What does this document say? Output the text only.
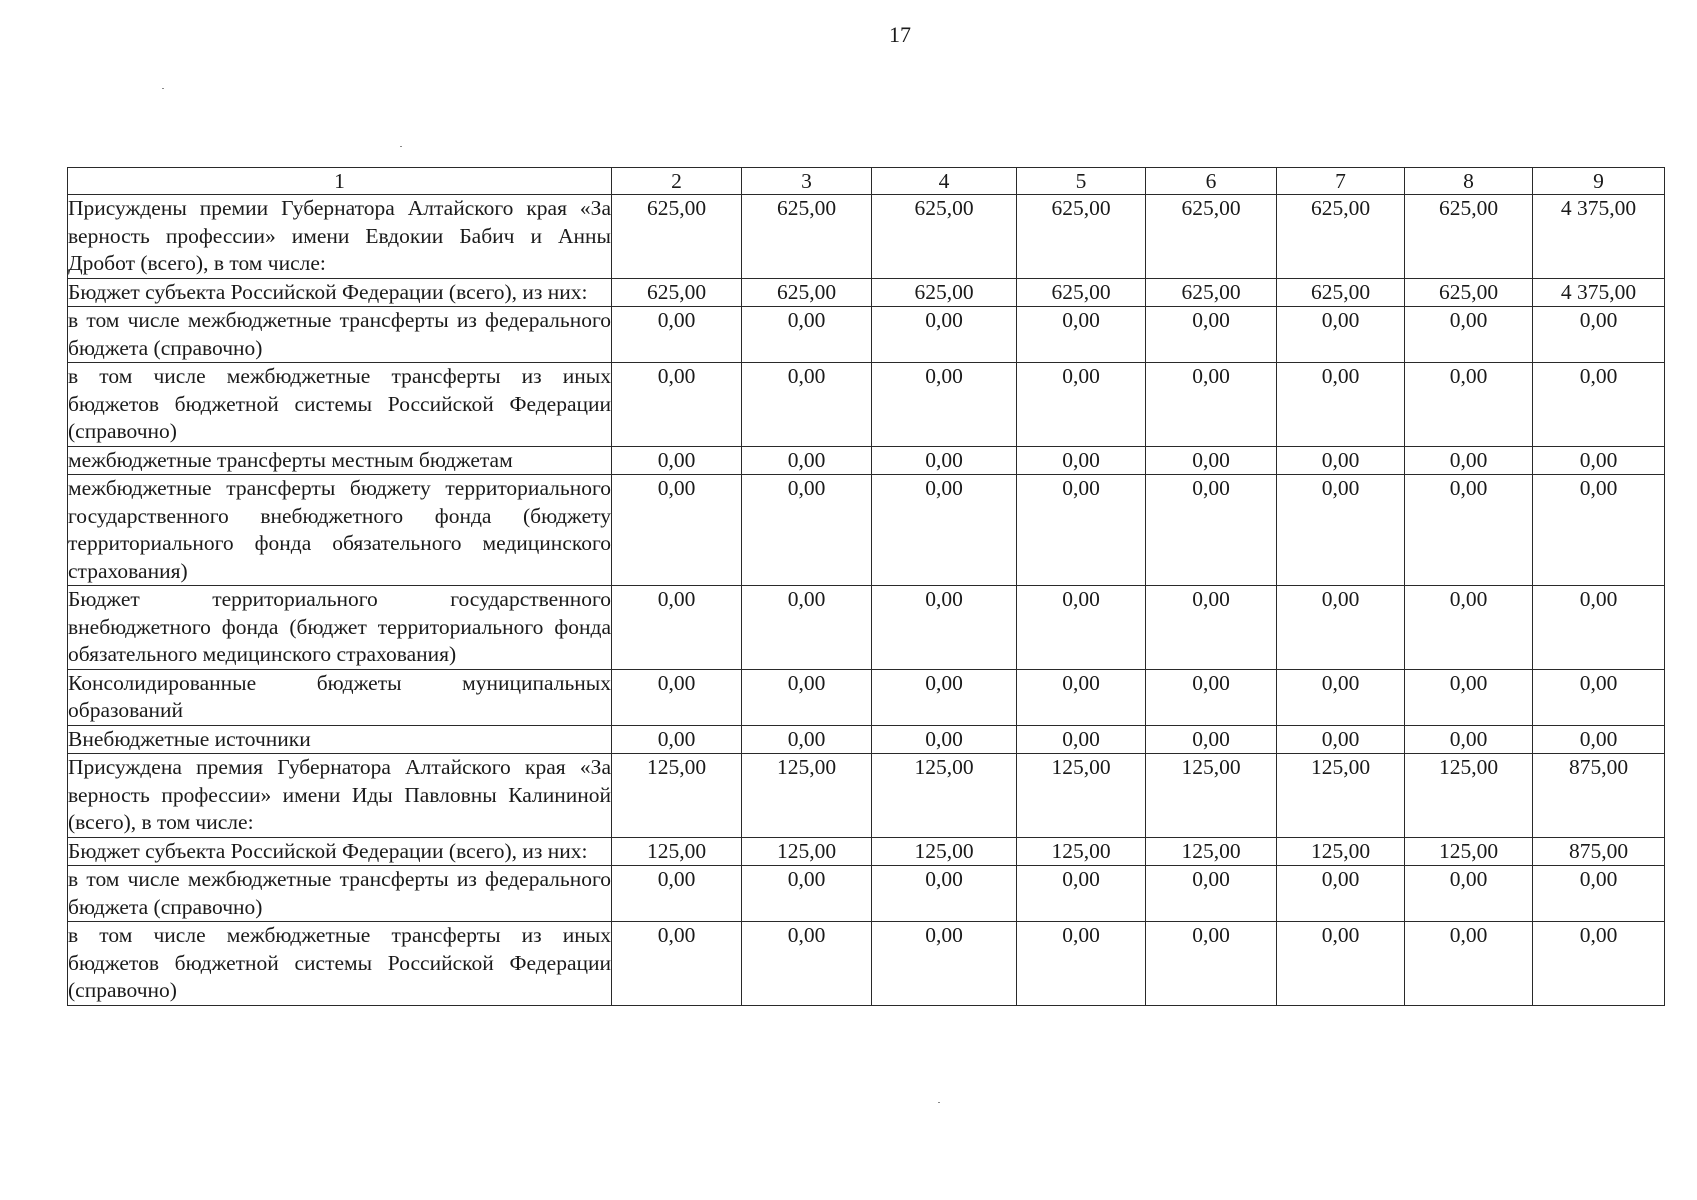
17
1	2	3	4	5	6	7	8	9
Присуждены премии Губернатора Алтайского края «За верность профессии» имени Евдокии Бабич и Анны Дробот (всего), в том числе:	625,00	625,00	625,00	625,00	625,00	625,00	625,00	4 375,00
Бюджет субъекта Российской Федерации (всего), из них:	625,00	625,00	625,00	625,00	625,00	625,00	625,00	4 375,00
в том числе межбюджетные трансферты из федерального бюджета (справочно)	0,00	0,00	0,00	0,00	0,00	0,00	0,00	0,00
в том числе межбюджетные трансферты из иных бюджетов бюджетной системы Российской Федерации (справочно)	0,00	0,00	0,00	0,00	0,00	0,00	0,00	0,00
межбюджетные трансферты местным бюджетам	0,00	0,00	0,00	0,00	0,00	0,00	0,00	0,00
межбюджетные трансферты бюджету территориального государственного внебюджетного фонда (бюджету территориального фонда обязательного медицинского страхования)	0,00	0,00	0,00	0,00	0,00	0,00	0,00	0,00
Бюджет территориального государственного внебюджетного фонда (бюджет территориального фонда обязательного медицинского страхования)	0,00	0,00	0,00	0,00	0,00	0,00	0,00	0,00
Консолидированные бюджеты муниципальных образований	0,00	0,00	0,00	0,00	0,00	0,00	0,00	0,00
Внебюджетные источники	0,00	0,00	0,00	0,00	0,00	0,00	0,00	0,00
Присуждена премия Губернатора Алтайского края «За верность профессии» имени Иды Павловны Калининой (всего), в том числе:	125,00	125,00	125,00	125,00	125,00	125,00	125,00	875,00
Бюджет субъекта Российской Федерации (всего), из них:	125,00	125,00	125,00	125,00	125,00	125,00	125,00	875,00
в том числе межбюджетные трансферты из федерального бюджета (справочно)	0,00	0,00	0,00	0,00	0,00	0,00	0,00	0,00
в том числе межбюджетные трансферты из иных бюджетов бюджетной системы Российской Федерации (справочно)	0,00	0,00	0,00	0,00	0,00	0,00	0,00	0,00
